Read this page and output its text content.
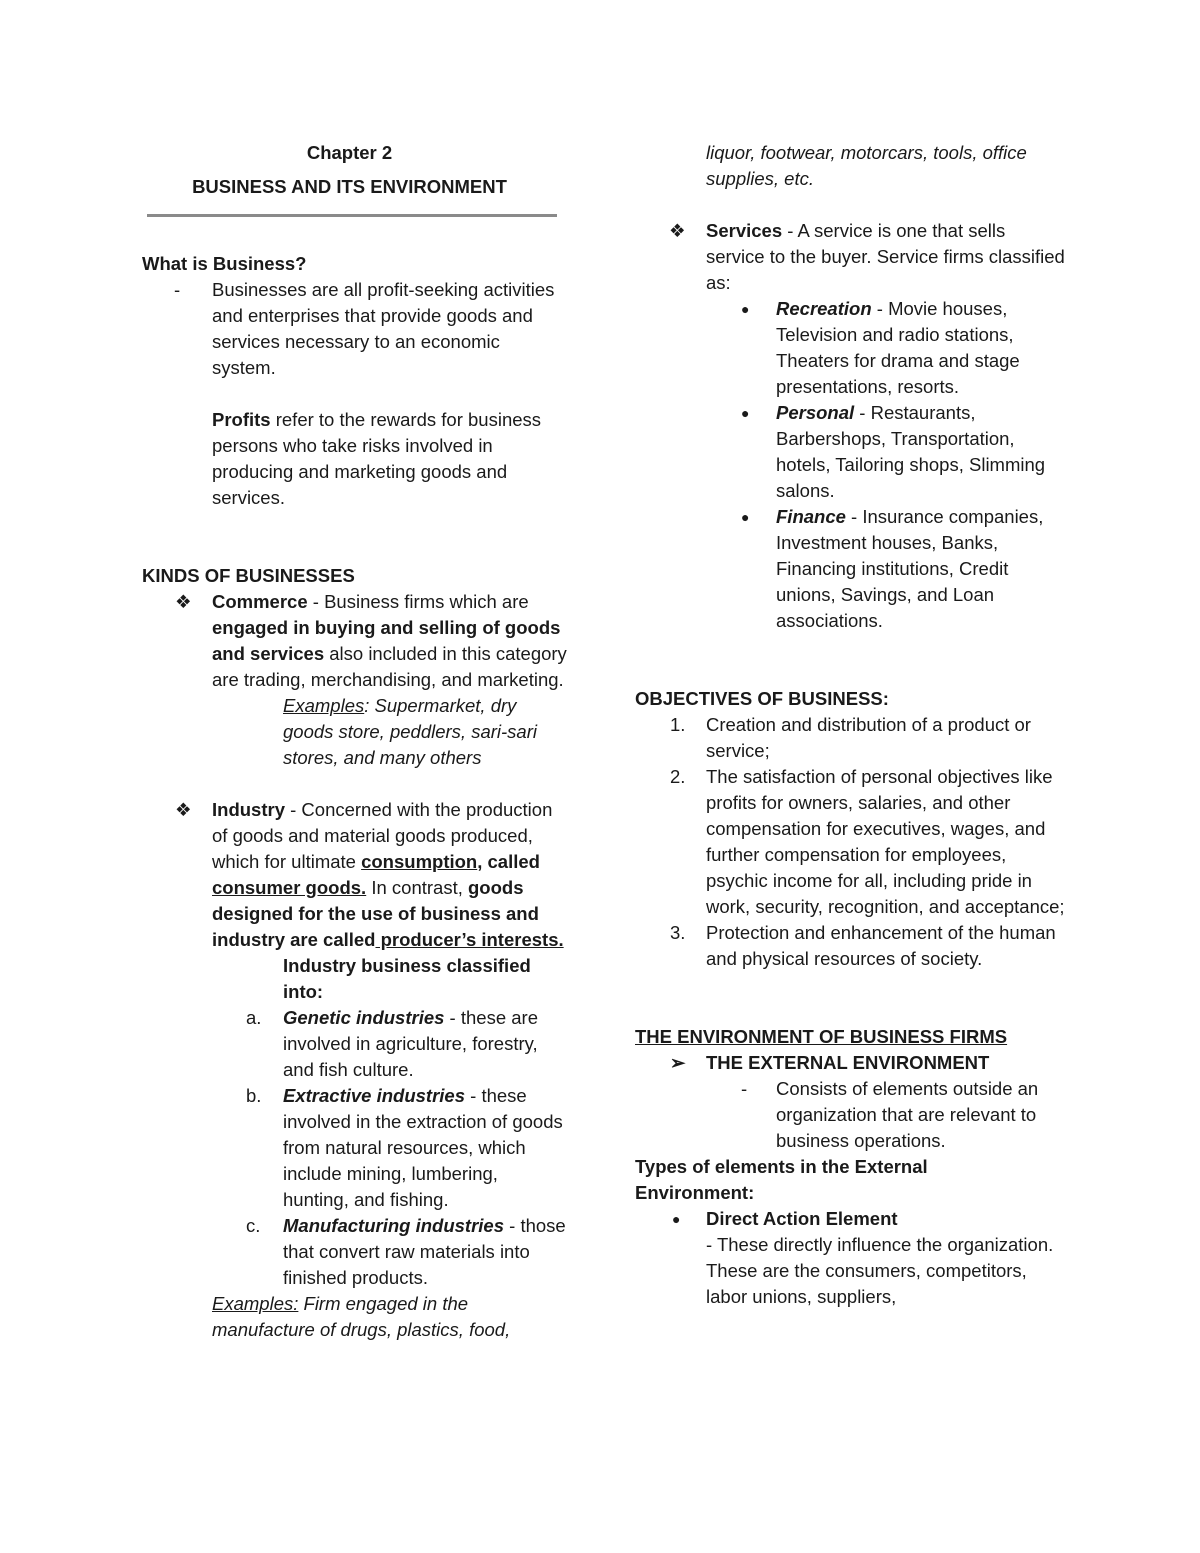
Chapter 2

BUSINESS AND ITS ENVIRONMENT

What is Business?

- Businesses are all profit-seeking activities and enterprises that provide goods and services necessary to an economic system.

Profits refer to the rewards for business persons who take risks involved in producing and marketing goods and services.

KINDS OF BUSINESSES

❖ Commerce - Business firms which are engaged in buying and selling of goods and services also included in this category are trading, merchandising, and marketing.

Examples: Supermarket, dry goods store, peddlers, sari-sari stores, and many others

❖ Industry - Concerned with the production of goods and material goods produced, which for ultimate consumption, called consumer goods. In contrast, goods designed for the use of business and industry are called producer’s interests.

Industry business classified into:

a. Genetic industries - these are involved in agriculture, forestry, and fish culture.
b. Extractive industries - these involved in the extraction of goods from natural resources, which include mining, lumbering, hunting, and fishing.
c. Manufacturing industries - those that convert raw materials into finished products.

Examples: Firm engaged in the manufacture of drugs, plastics, food,

liquor, footwear, motorcars, tools, office supplies, etc.

❖ Services - A service is one that sells service to the buyer. Service firms classified as:
● Recreation - Movie houses, Television and radio stations, Theaters for drama and stage presentations, resorts.
● Personal - Restaurants, Barbershops, Transportation, hotels, Tailoring shops, Slimming salons.
● Finance - Insurance companies, Investment houses, Banks, Financing institutions, Credit unions, Savings, and Loan associations.

OBJECTIVES OF BUSINESS:

1. Creation and distribution of a product or service;
2. The satisfaction of personal objectives like profits for owners, salaries, and other compensation for executives, wages, and further compensation for employees, psychic income for all, including pride in work, security, recognition, and acceptance;
3. Protection and enhancement of the human and physical resources of society.

THE ENVIRONMENT OF BUSINESS FIRMS

➢ THE EXTERNAL ENVIRONMENT
- Consists of elements outside an organization that are relevant to business operations.

Types of elements in the External Environment:

● Direct Action Element

- These directly influence the organization. These are the consumers, competitors, labor unions, suppliers,
